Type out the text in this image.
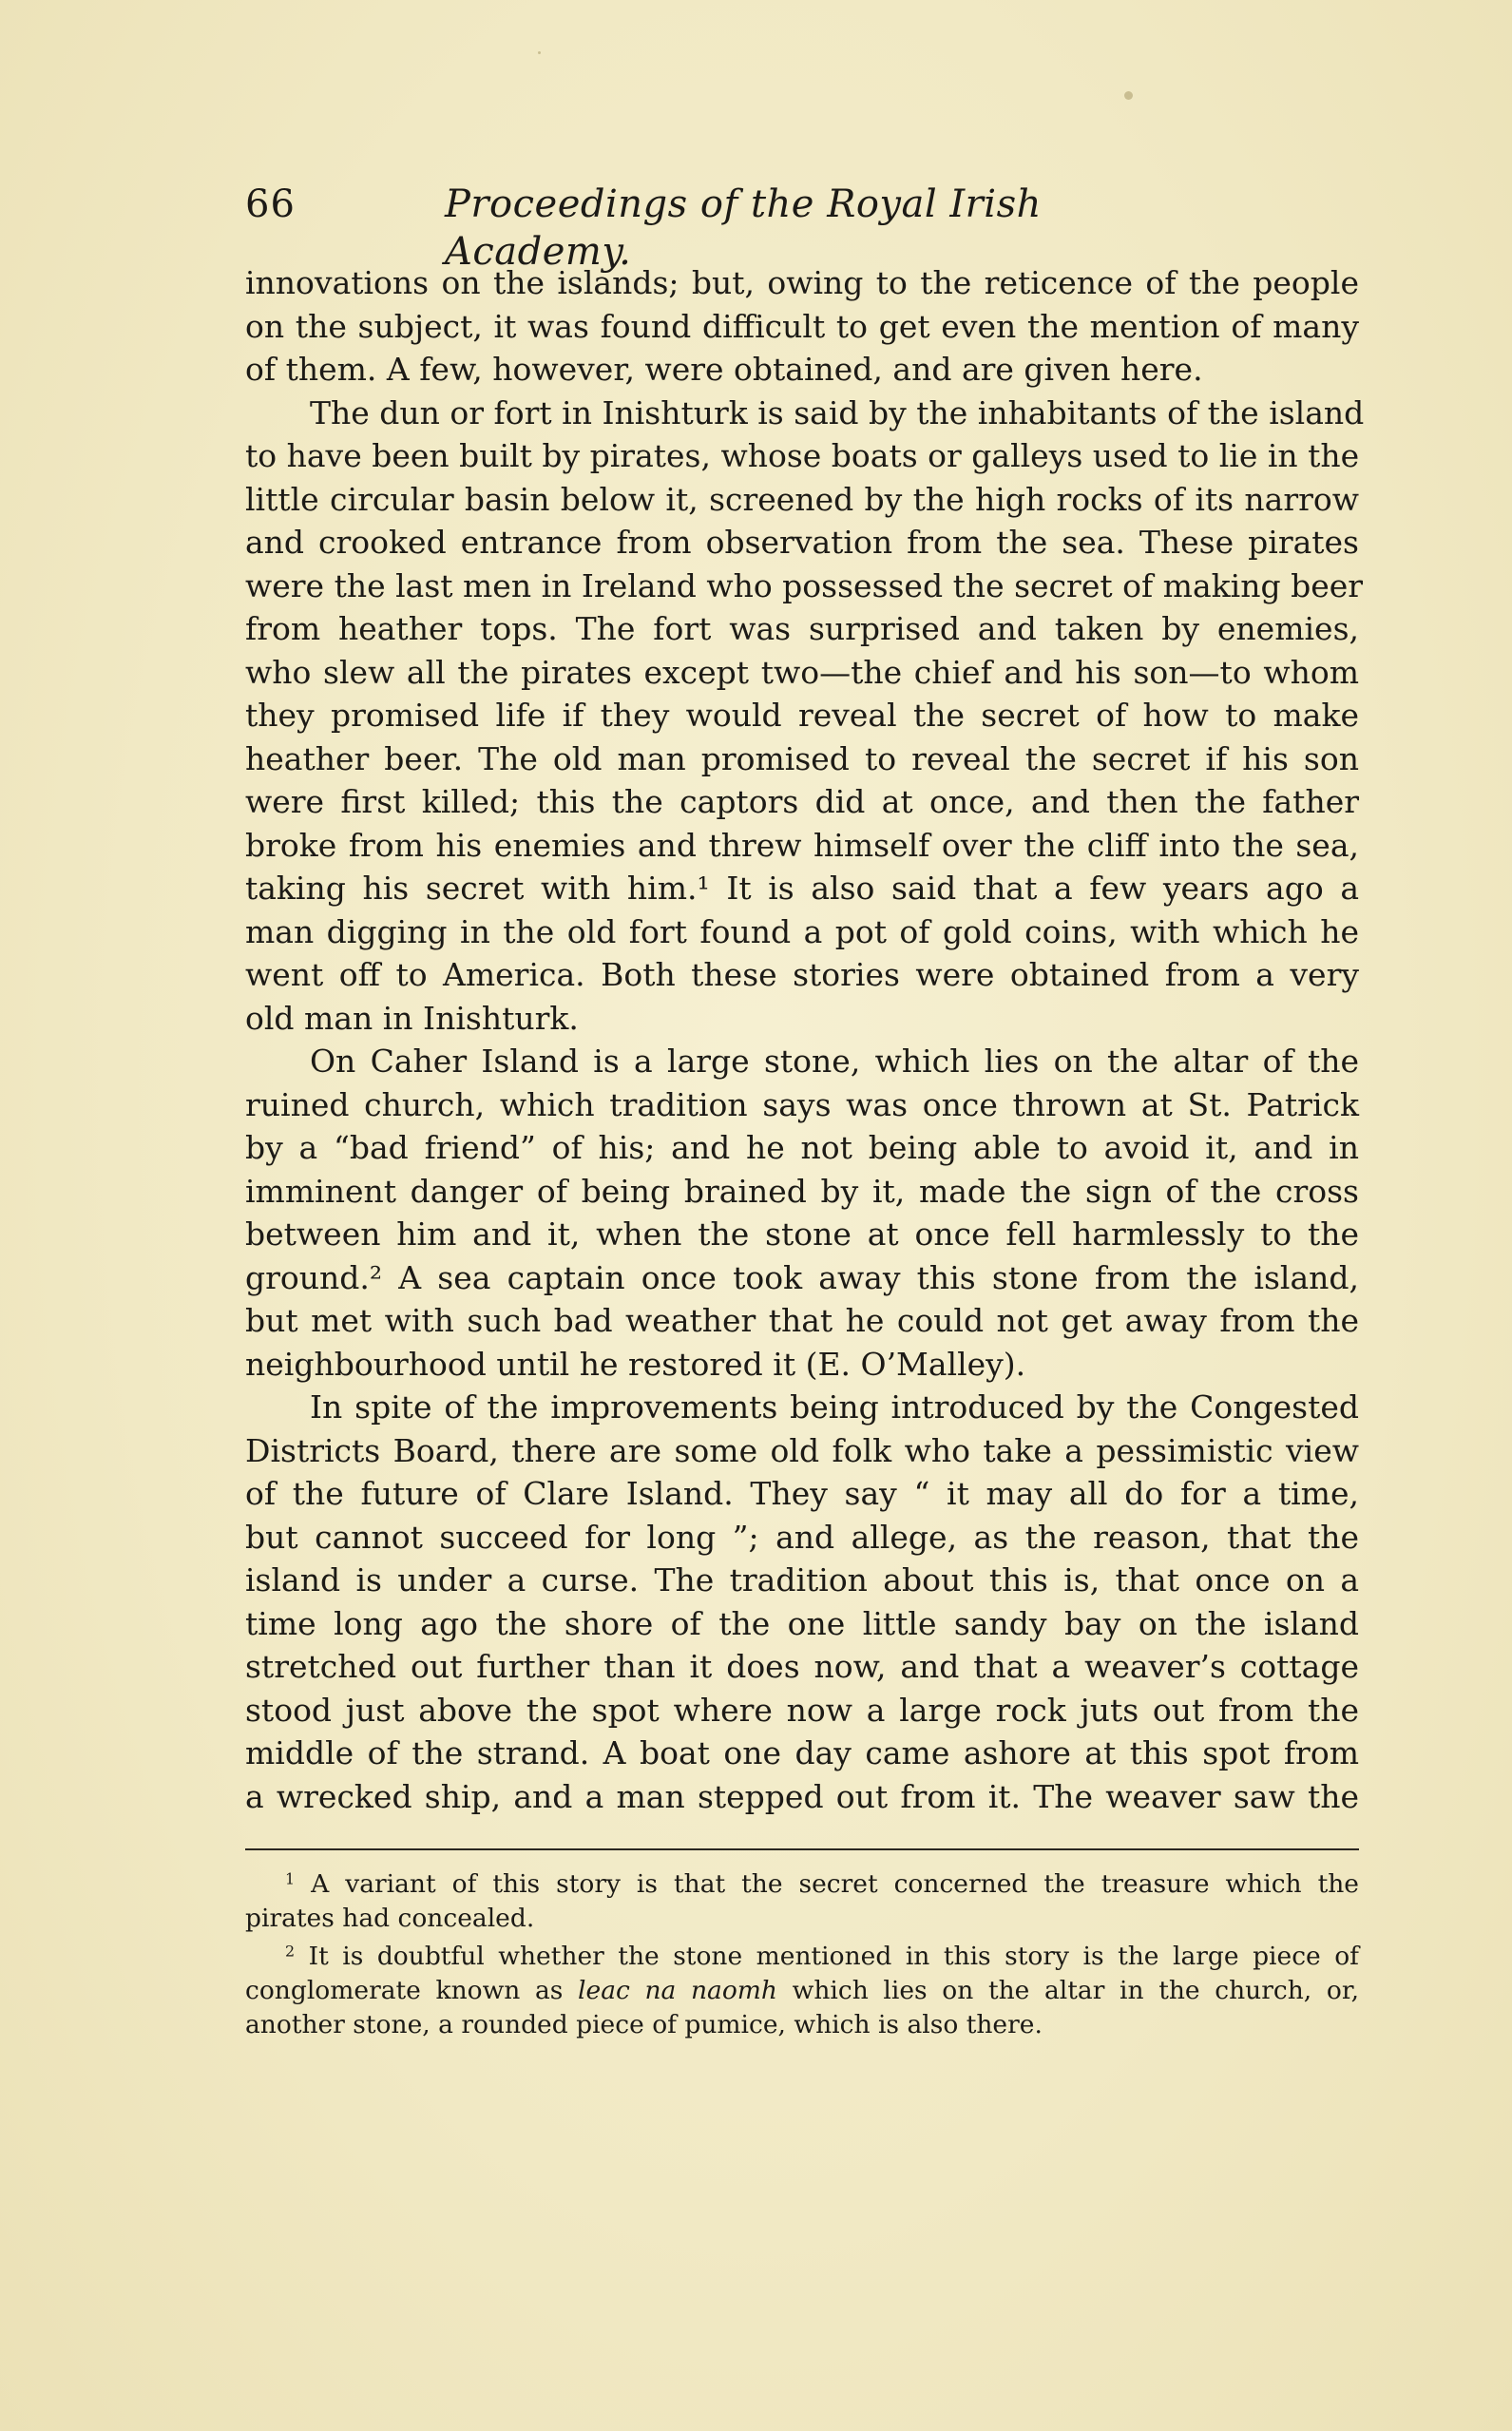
66	Proceedings of the Royal Irish Academy.

innovations on the islands; but, owing to the reticence of the people
on the subject, it was found difficult to get even the mention of many
of them. A few, however, were obtained, and are given here.

The dun or fort in Inishturk is said by the inhabitants of the island
to have been built by pirates, whose boats or galleys used to lie in the
little circular basin below it, screened by the high rocks of its narrow
and crooked entrance from observation from the sea. These pirates
were the last men in Ireland who possessed the secret of making beer
from heather tops. The fort was surprised and taken by enemies,
who slew all the pirates except two—the chief and his son—to whom
they promised life if they would reveal the secret of how to make
heather beer. The old man promised to reveal the secret if his son
were first killed; this the captors did at once, and then the father
broke from his enemies and threw himself over the cliff into the sea,
taking his secret with him.¹ It is also said that a few years ago a
man digging in the old fort found a pot of gold coins, with which he
went off to America. Both these stories were obtained from a very
old man in Inishturk.

On Caher Island is a large stone, which lies on the altar of the
ruined church, which tradition says was once thrown at St. Patrick
by a “bad friend” of his; and he not being able to avoid it, and in
imminent danger of being brained by it, made the sign of the cross
between him and it, when the stone at once fell harmlessly to the
ground.² A sea captain once took away this stone from the island,
but met with such bad weather that he could not get away from the
neighbourhood until he restored it (E. O’Malley).

In spite of the improvements being introduced by the Congested
Districts Board, there are some old folk who take a pessimistic view
of the future of Clare Island. They say “ it may all do for a time,
but cannot succeed for long ”; and allege, as the reason, that the
island is under a curse. The tradition about this is, that once on a
time long ago the shore of the one little sandy bay on the island
stretched out further than it does now, and that a weaver’s cottage
stood just above the spot where now a large rock juts out from the
middle of the strand. A boat one day came ashore at this spot from
a wrecked ship, and a man stepped out from it. The weaver saw the

$^1$ A variant of this story is that the secret concerned the treasure which the
pirates had concealed.

$^2$ It is doubtful whether the stone mentioned in this story is the large piece of
conglomerate known as leac na naomh which lies on the altar in the church, or,
another stone, a rounded piece of pumice, which is also there.
